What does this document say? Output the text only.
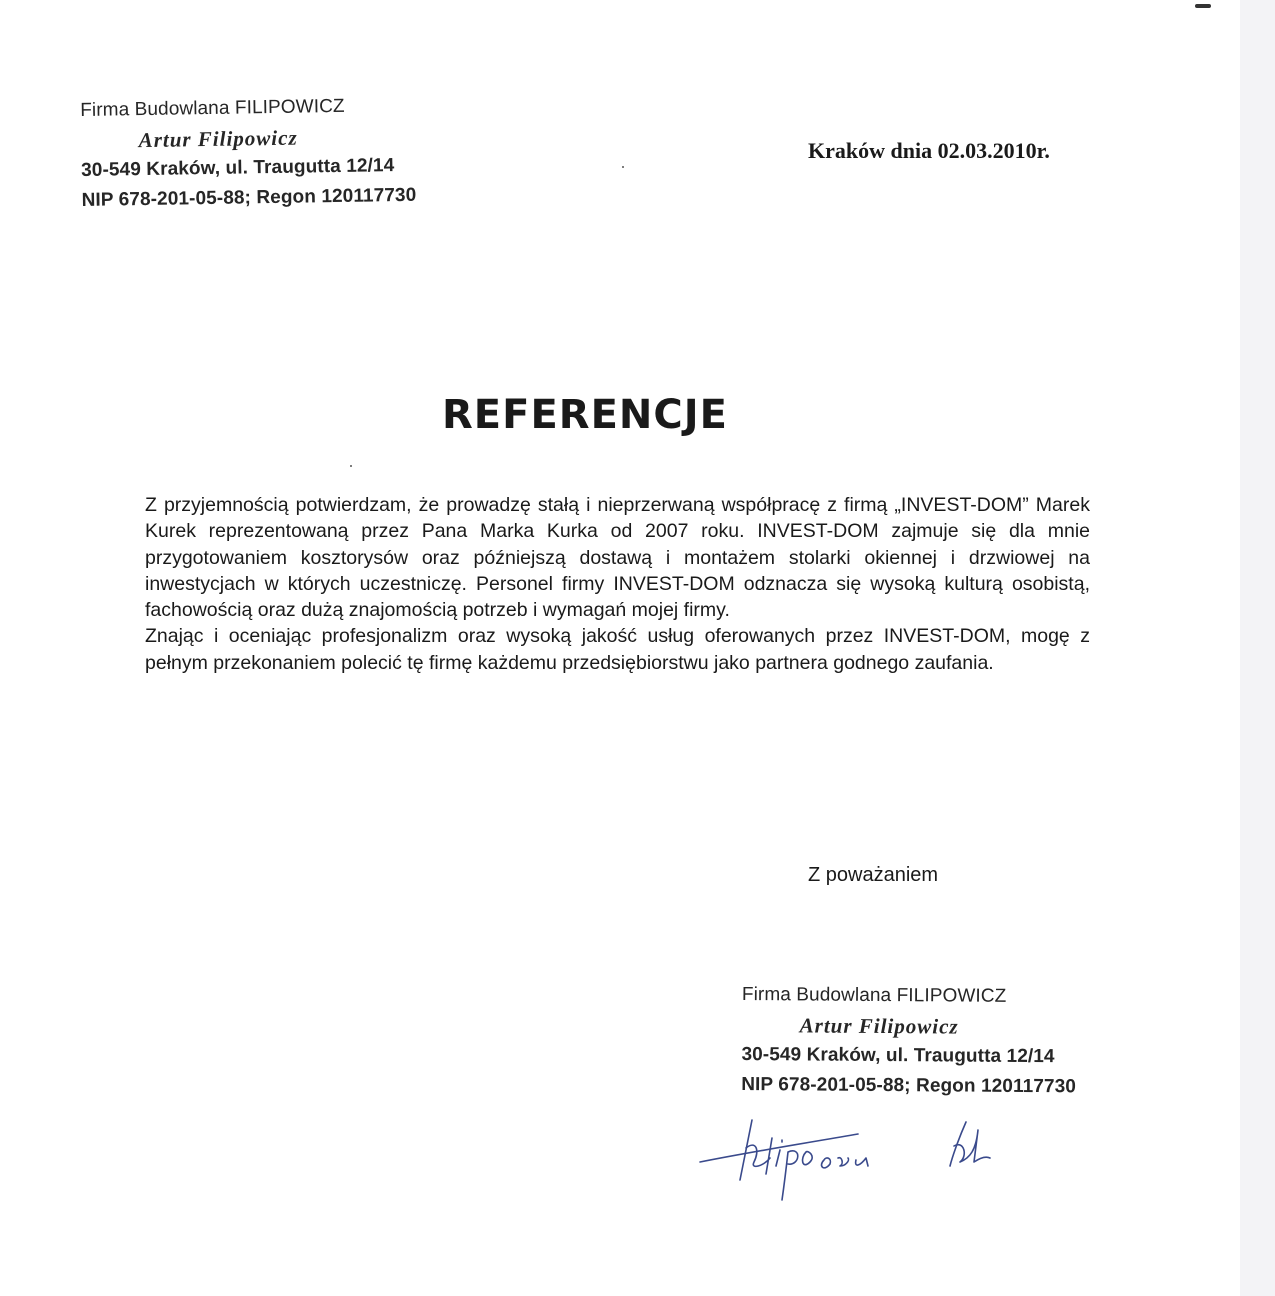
Firma Budowlana FILIPOWICZ
Artur Filipowicz
30-549 Kraków, ul. Traugutta 12/14
NIP 678-201-05-88; Regon 120117730
Kraków dnia 02.03.2010r.
REFERENCJE

Z przyjemnością potwierdzam, że prowadzę stałą i nieprzerwaną współpracę z firmą „INVEST-DOM” Marek Kurek reprezentowaną przez Pana Marka Kurka od 2007 roku. INVEST-DOM zajmuje się dla mnie przygotowaniem kosztorysów oraz późniejszą dostawą i montażem stolarki okiennej i drzwiowej na inwestycjach w których uczestniczę. Personel firmy INVEST-DOM odznacza się wysoką kulturą osobistą, fachowością oraz dużą znajomością potrzeb i wymagań mojej firmy.

Znając i oceniając profesjonalizm oraz wysoką jakość usług oferowanych przez INVEST-DOM, mogę z pełnym przekonaniem polecić tę firmę każdemu przedsiębiorstwu jako partnera godnego zaufania.

Z poważaniem
Firma Budowlana FILIPOWICZ
Artur Filipowicz
30-549 Kraków, ul. Traugutta 12/14
NIP 678-201-05-88; Regon 120117730
